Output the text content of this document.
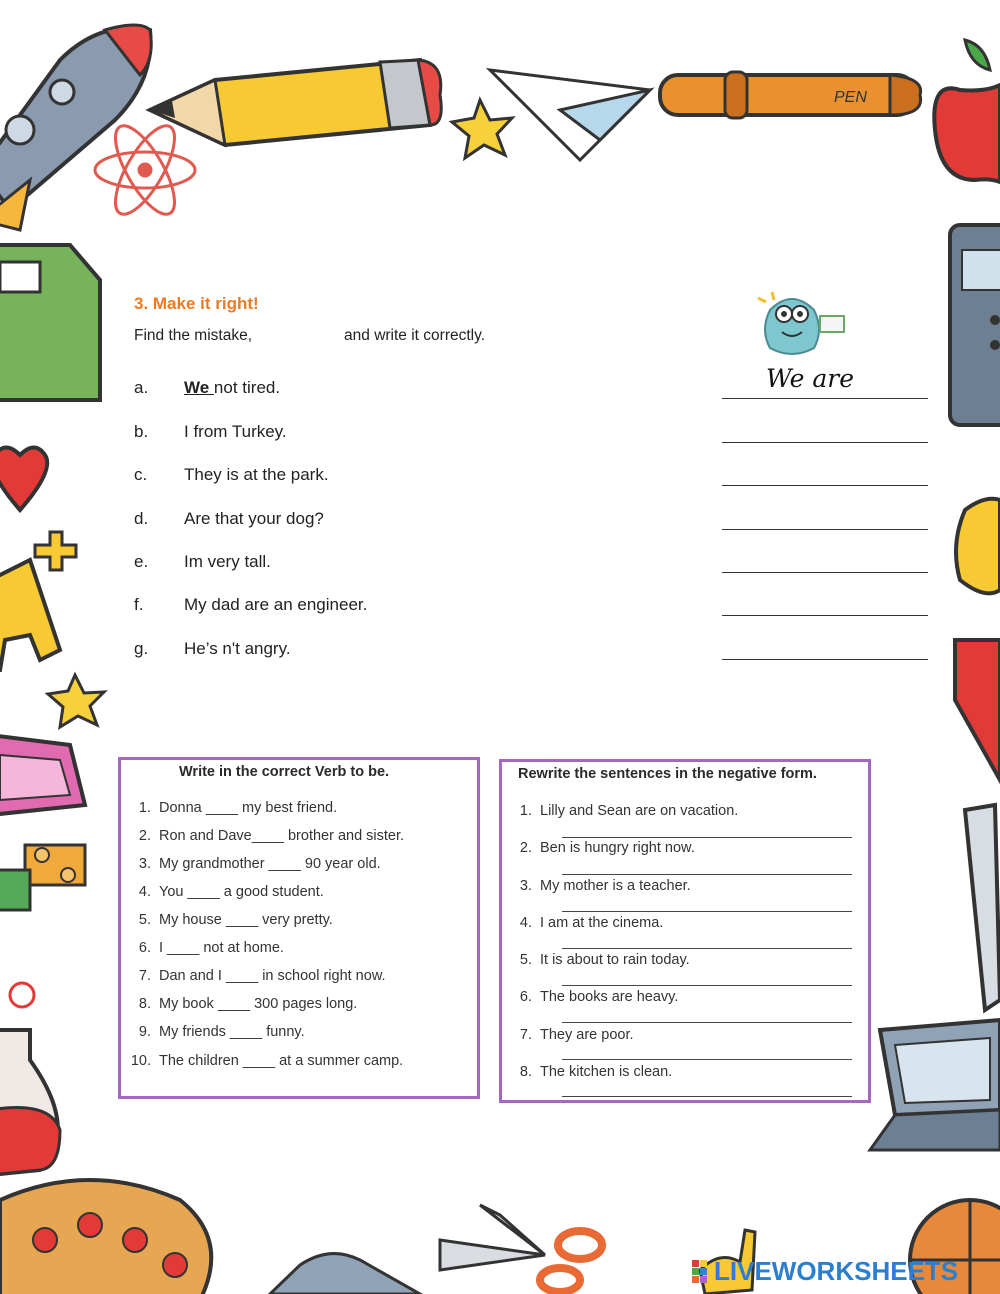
PEN
3. Make it right!
Find the mistake,	and write it correctly.
a. We not tired.	We are
b. I from Turkey.
c. They is at the park.
d. Are that your dog?
e. Im very tall.
f. My dad are an engineer.
g. He’s n't angry.
Write in the correct Verb to be.
1. Donna ____ my best friend.
2. Ron and Dave____ brother and sister.
3. My grandmother ____ 90 year old.
4. You ____ a good student.
5. My house ____ very pretty.
6. I ____ not at home.
7. Dan and I ____ in school right now.
8. My book ____ 300 pages long.
9. My friends ____ funny.
10. The children ____ at a summer camp.
Rewrite the sentences in the negative form.
1. Lilly and Sean are on vacation.
2. Ben is hungry right now.
3. My mother is a teacher.
4. I am at the cinema.
5. It is about to rain today.
6. The books are heavy.
7. They are poor.
8. The kitchen is clean.
LIVEWORKSHEETS
